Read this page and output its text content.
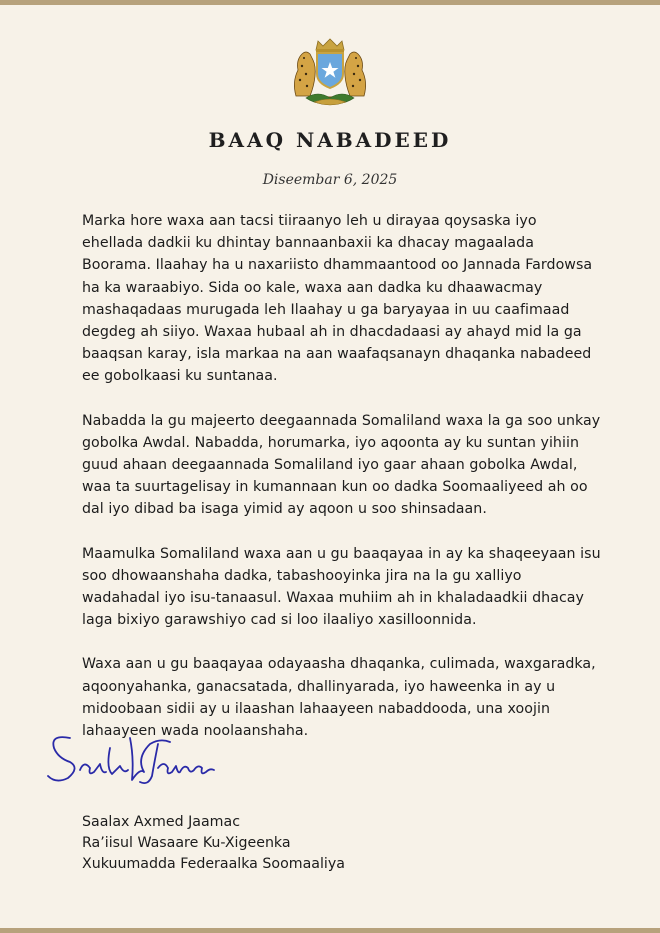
BAAQ NABADEED
Diseembar 6, 2025

Marka hore waxa aan tacsi tiiraanyo leh u dirayaa qoysaska iyo ehellada dadkii ku dhintay bannaanbaxii ka dhacay magaalada Boorama. Ilaahay ha u naxariisto dhammaantood oo Jannada Fardowsa ha ka waraabiyo. Sida oo kale, waxa aan dadka ku dhaawacmay mashaqadaas murugada leh Ilaahay u ga baryayaa in uu caafimaad degdeg ah siiyo. Waxaa hubaal ah in dhacdadaasi ay ahayd mid la ga baaqsan karay, isla markaa na aan waafaqsanayn dhaqanka nabadeed ee gobolkaasi ku suntanaa.

Nabadda la gu majeerto deegaannada Somaliland waxa la ga soo unkay gobolka Awdal. Nabadda, horumarka, iyo aqoonta ay ku suntan yihiin guud ahaan deegaannada Somaliland iyo gaar ahaan gobolka Awdal, waa ta suurtagelisay in kumannaan kun oo dadka Soomaaliyeed ah oo dal iyo dibad ba isaga yimid ay aqoon u soo shinsadaan.

Maamulka Somaliland waxa aan u gu baaqayaa in ay ka shaqeeyaan isu soo dhowaanshaha dadka, tabashooyinka jira na la gu xalliyo wadahadal iyo isu-tanaasul. Waxaa muhiim ah in khaladaadkii dhacay laga bixiyo garawshiyo cad si loo ilaaliyo xasilloonnida.

Waxa aan u gu baaqayaa odayaasha dhaqanka, culimada, waxgaradka, aqoonyahanka, ganacsatada, dhallinyarada, iyo haweenka in ay u midoobaan sidii ay u ilaashan lahaayeen nabaddooda, una xoojin lahaayeen wada noolaanshaha.

Saalax Axmed Jaamac
Ra’iisul Wasaare Ku-Xigeenka
Xukuumadda Federaalka Soomaaliya
